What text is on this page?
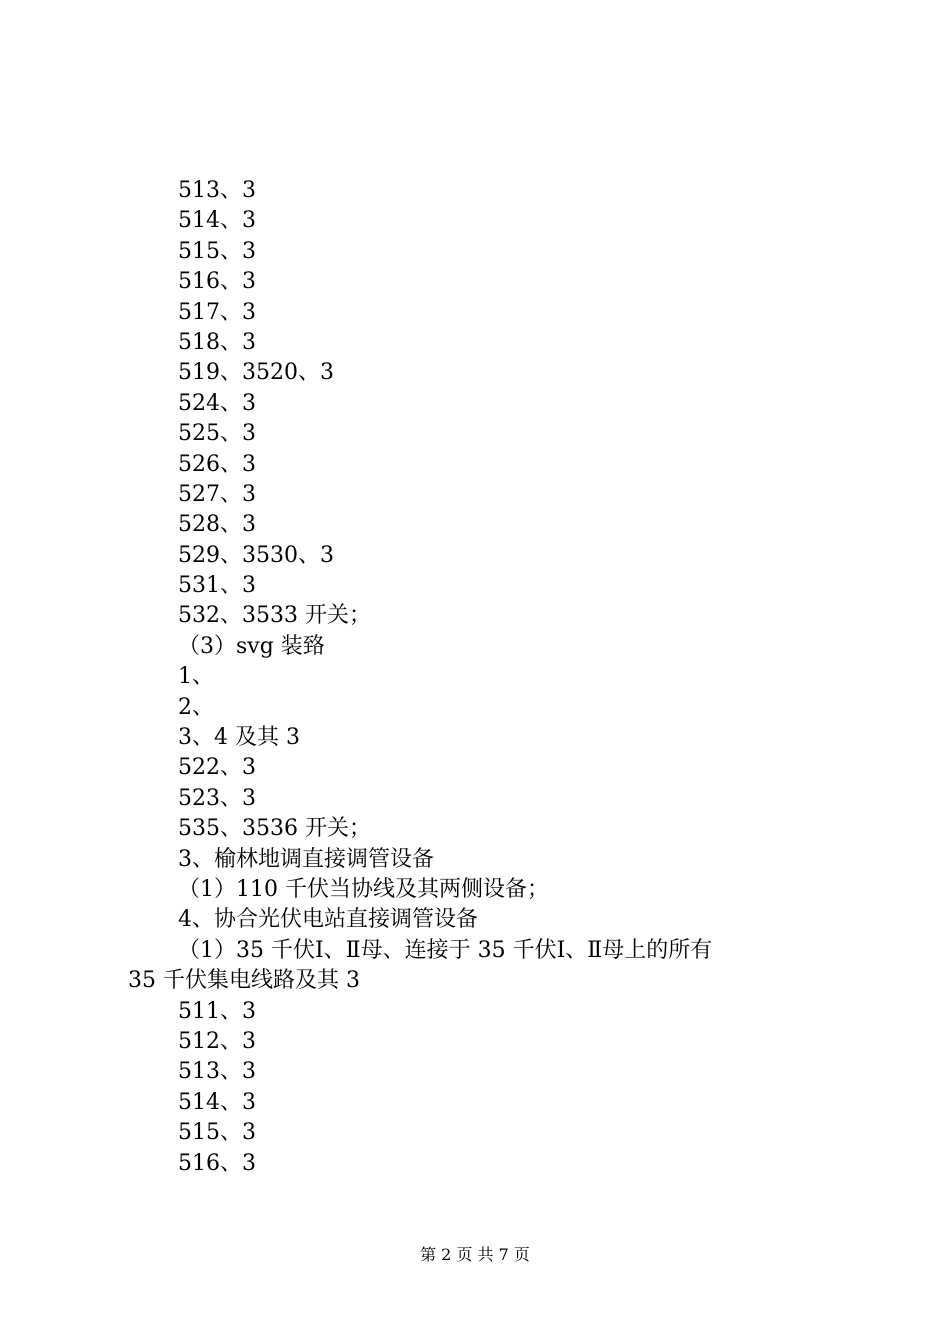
513、3
514、3
515、3
516、3
517、3
518、3
519、3520、3
524、3
525、3
526、3
527、3
528、3
529、3530、3
531、3
532、3533 开关；
（3）svg 装臵
1、
2、
3、4 及其 3
522、3
523、3
535、3536 开关；
3、榆林地调直接调管设备
（1）110 千伏当协线及其两侧设备；
4、协合光伏电站直接调管设备
（1）35 千伏Ⅰ、Ⅱ母、连接于 35 千伏Ⅰ、Ⅱ母上的所有
35 千伏集电线路及其 3
511、3
512、3
513、3
514、3
515、3
516、3
第 2 页 共 7 页
